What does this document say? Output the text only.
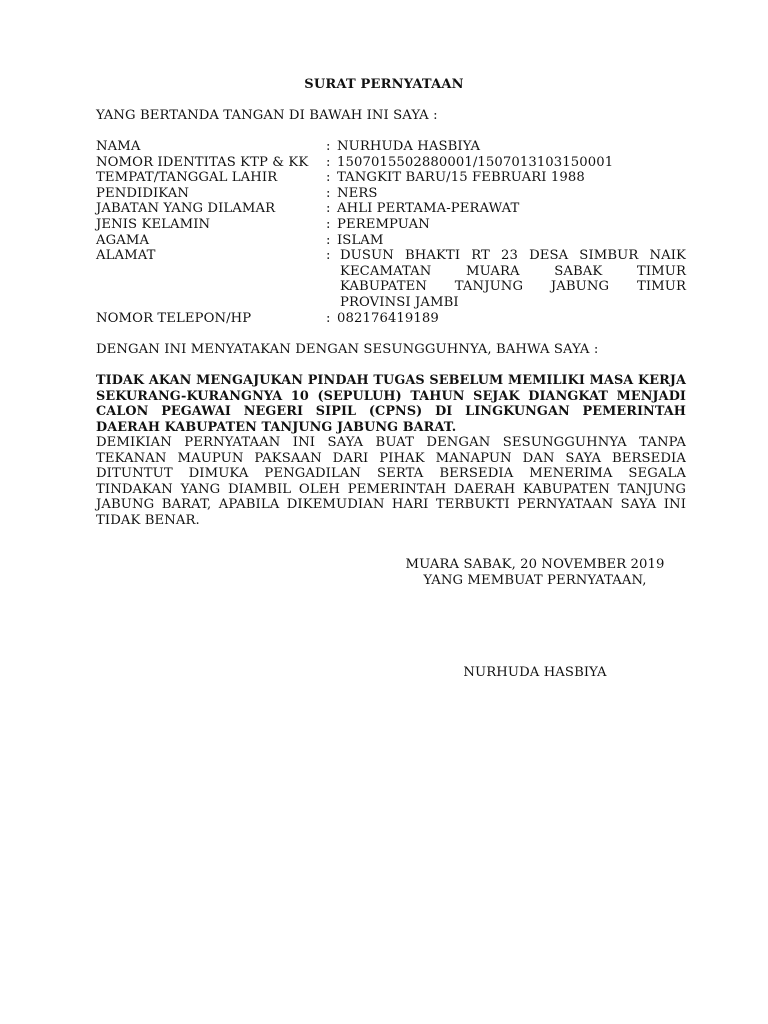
SURAT PERNYATAAN
YANG BERTANDA TANGAN DI BAWAH INI SAYA :
NAMA	: NURHUDA HASBIYA
NOMOR IDENTITAS KTP & KK	: 1507015502880001/1507013103150001
TEMPAT/TANGGAL LAHIR	: TANGKIT BARU/15 FEBRUARI 1988
PENDIDIKAN	: NERS
JABATAN YANG DILAMAR	: AHLI PERTAMA-PERAWAT
JENIS KELAMIN	: PEREMPUAN
AGAMA	: ISLAM
ALAMAT	: DUSUN BHAKTI RT 23 DESA SIMBUR NAIK KECAMATAN MUARA SABAK TIMUR KABUPATEN TANJUNG JABUNG TIMUR PROVINSI JAMBI
NOMOR TELEPON/HP	: 082176419189
DENGAN INI MENYATAKAN DENGAN SESUNGGUHNYA, BAHWA SAYA :
TIDAK AKAN MENGAJUKAN PINDAH TUGAS SEBELUM MEMILIKI MASA KERJA SEKURANG-KURANGNYA 10 (SEPULUH) TAHUN SEJAK DIANGKAT MENJADI CALON PEGAWAI NEGERI SIPIL (CPNS) DI LINGKUNGAN PEMERINTAH DAERAH KABUPATEN TANJUNG JABUNG BARAT.
DEMIKIAN PERNYATAAN INI SAYA BUAT DENGAN SESUNGGUHNYA TANPA TEKANAN MAUPUN PAKSAAN DARI PIHAK MANAPUN DAN SAYA BERSEDIA DITUNTUT DIMUKA PENGADILAN SERTA BERSEDIA MENERIMA SEGALA TINDAKAN YANG DIAMBIL OLEH PEMERINTAH DAERAH KABUPATEN TANJUNG JABUNG BARAT, APABILA DIKEMUDIAN HARI TERBUKTI PERNYATAAN SAYA INI TIDAK BENAR.
MUARA SABAK, 20 NOVEMBER 2019
YANG MEMBUAT PERNYATAAN,
NURHUDA HASBIYA
